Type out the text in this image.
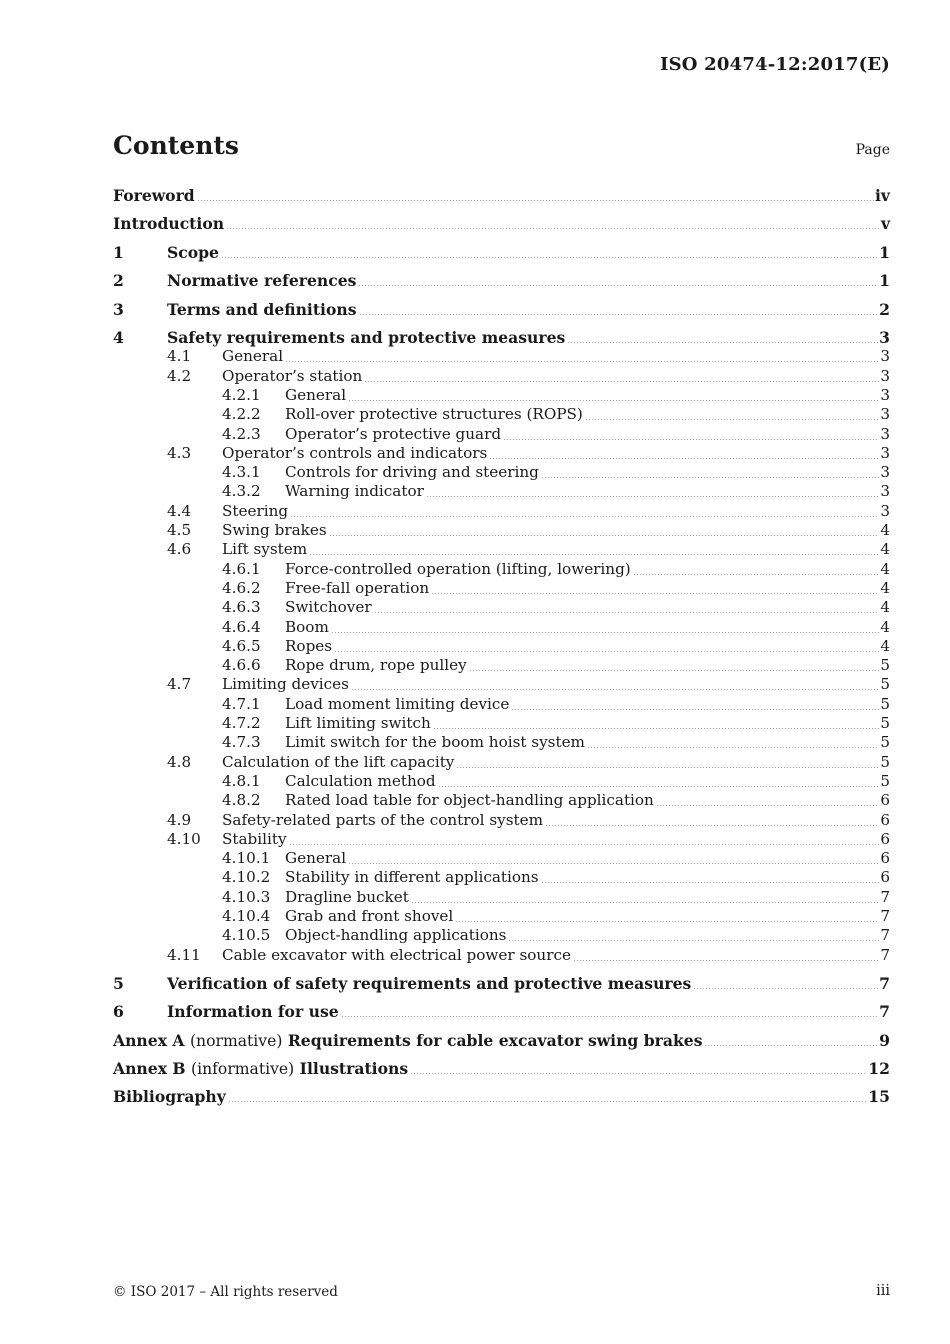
ISO 20474-12:2017(E)
Contents	Page
Foreword	iv
Introduction	v
1	Scope	1
2	Normative references	1
3	Terms and definitions	2
4	Safety requirements and protective measures	3
4.1	General	3
4.2	Operator’s station	3
4.2.1	General	3
4.2.2	Roll-over protective structures (ROPS)	3
4.2.3	Operator’s protective guard	3
4.3	Operator’s controls and indicators	3
4.3.1	Controls for driving and steering	3
4.3.2	Warning indicator	3
4.4	Steering	3
4.5	Swing brakes	4
4.6	Lift system	4
4.6.1	Force-controlled operation (lifting, lowering)	4
4.6.2	Free-fall operation	4
4.6.3	Switchover	4
4.6.4	Boom	4
4.6.5	Ropes	4
4.6.6	Rope drum, rope pulley	5
4.7	Limiting devices	5
4.7.1	Load moment limiting device	5
4.7.2	Lift limiting switch	5
4.7.3	Limit switch for the boom hoist system	5
4.8	Calculation of the lift capacity	5
4.8.1	Calculation method	5
4.8.2	Rated load table for object-handling application	6
4.9	Safety-related parts of the control system	6
4.10	Stability	6
4.10.1 General	6
4.10.2 Stability in different applications	6
4.10.3 Dragline bucket	7
4.10.4 Grab and front shovel	7
4.10.5 Object-handling applications	7
4.11	Cable excavator with electrical power source	7
5	Verification of safety requirements and protective measures	7
6	Information for use	7
Annex A (normative) Requirements for cable excavator swing brakes	9
Annex B (informative) Illustrations	12
Bibliography	15
© ISO 2017 – All rights reserved	iii
